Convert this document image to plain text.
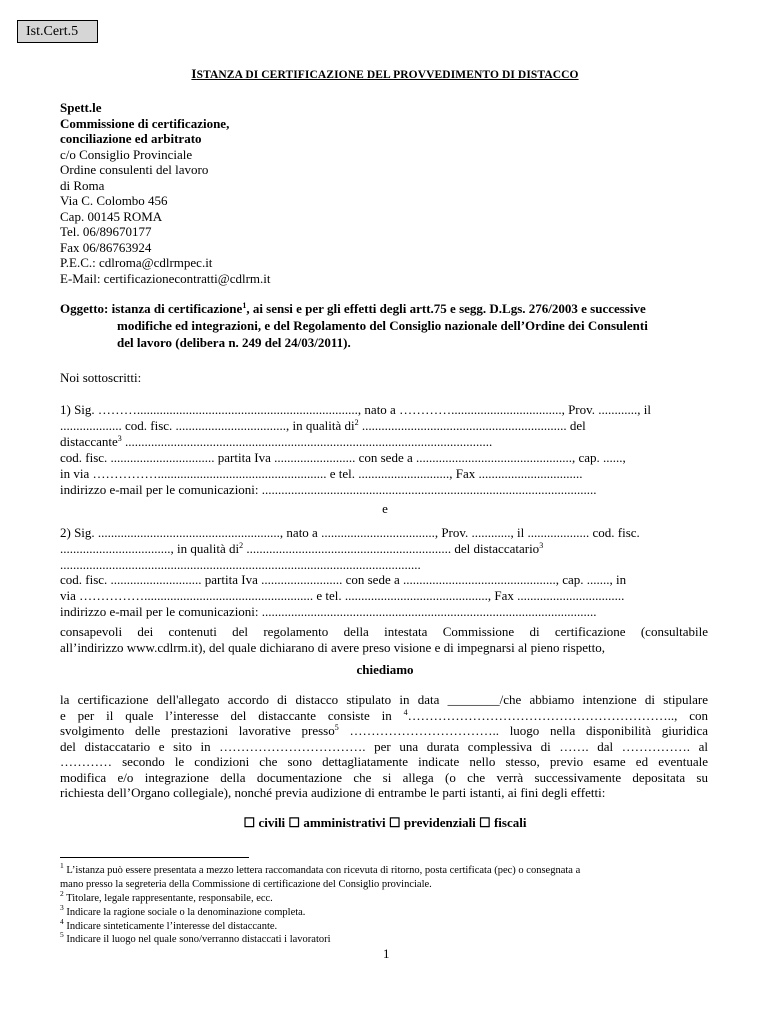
Ist.Cert.5
ISTANZA DI CERTIFICAZIONE DEL PROVVEDIMENTO DI DISTACCO
Spett.le
Commissione di certificazione,
conciliazione ed arbitrato
c/o Consiglio Provinciale
Ordine consulenti del lavoro
di Roma
Via C. Colombo 456
Cap. 00145 ROMA
Tel. 06/89670177
Fax 06/86763924
P.E.C.: cdlroma@cdlrmpec.it
E-Mail: certificazionecontratti@cdlrm.it
Oggetto: istanza di certificazione$^1$, ai sensi e per gli effetti degli artt.75 e segg. D.Lgs. 276/2003 e successive
modifiche ed integrazioni, e del Regolamento del Consiglio nazionale dell’Ordine dei Consulenti
del lavoro (delibera n. 249 del 24/03/2011).
Noi sottoscritti:
1) Sig. ………...................................................................., nato a ………….................................., Prov. ............, il
................... cod. fisc. .................................., in qualità $di^2$ ............................................................... del
distaccante$^3$ .................................................................................................................
cod. fisc. ................................ partita Iva ......................... con sede a ................................................, cap. ......,
in via …………….................................................... e tel. ............................, Fax ................................
indirizzo e-mail per le comunicazioni: .......................................................................................................
e
2) Sig. ........................................................, nato a ..................................., Prov. ............, il ................... cod. fisc.
.................................., in qualità $di^2$ ............................................................... del distaccatario$^3$
...............................................................................................................
cod. fisc. ............................ partita Iva ......................... con sede a ..............................................., cap. ......., in
via …………….................................................... e tel. ............................................, Fax .................................
indirizzo e-mail per le comunicazioni: .......................................................................................................
consapevoli dei contenuti del regolamento della intestata Commissione di certificazione (consultabile
all’indirizzo www.cdlrm.it), del quale dichiarano di avere preso visione e di impegnarsi al pieno rispetto,
chiediamo
la certificazione dell'allegato accordo di distacco stipulato in data ________/che abbiamo intenzione di stipulare
e per il quale l’interesse del distaccante consiste in $^4$…………………………………………………….., con
svolgimento delle prestazioni lavorative presso$^5$ …………………………….. luogo nella disponibilità giuridica
del distaccatario e sito in ……………………………. per una durata complessiva di ……. dal ……………. al
………… secondo le condizioni che sono dettagliatamente indicate nello stesso, previo esame ed eventuale
modifica e/o integrazione della documentazione che si allega (o che verrà successivamente depositata su
richiesta dell’Organo collegiale), nonché previa audizione di entrambe le parti istanti, ai fini degli effetti:
☐ civili ☐ amministrativi ☐ previdenziali ☐ fiscali
$^1$ L’istanza può essere presentata a mezzo lettera raccomandata con ricevuta di ritorno, posta certificata (pec) o consegnata a
mano presso la segreteria della Commissione di certificazione del Consiglio provinciale.
$^2$ Titolare, legale rappresentante, responsabile, ecc.
$^3$ Indicare la ragione sociale o la denominazione completa.
$^4$ Indicare sinteticamente l’interesse del distaccante.
$^5$ Indicare il luogo nel quale sono/verranno distaccati i lavoratori
1
